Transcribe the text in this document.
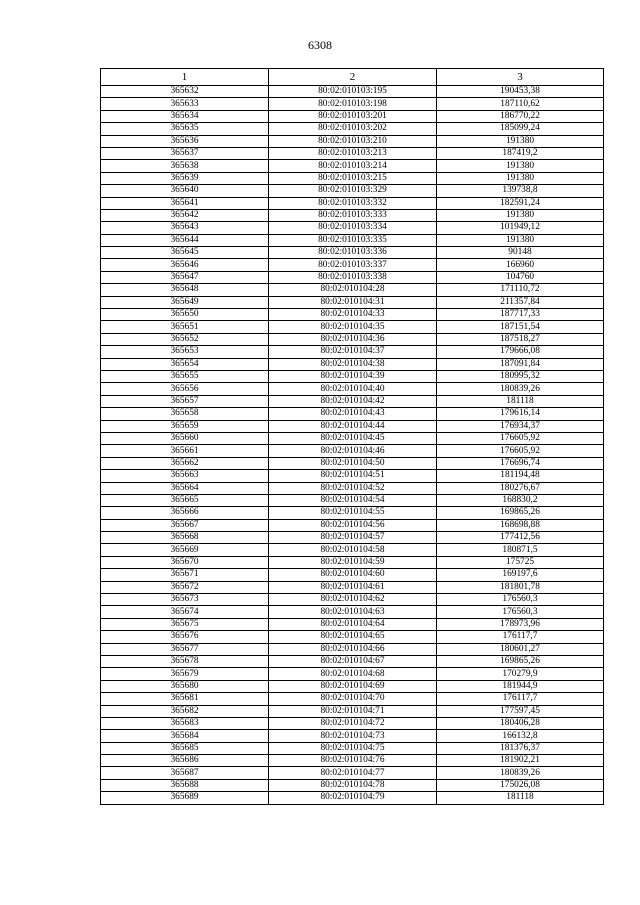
6308
1	2	3
365632	80:02:010103:195	190453,38
365633	80:02:010103:198	187110,62
365634	80:02:010103:201	186770,22
365635	80:02:010103:202	185099,24
365636	80:02:010103:210	191380
365637	80:02:010103:213	187419,2
365638	80:02:010103:214	191380
365639	80:02:010103:215	191380
365640	80:02:010103:329	139738,8
365641	80:02:010103:332	182591,24
365642	80:02:010103:333	191380
365643	80:02:010103:334	101949,12
365644	80:02:010103:335	191380
365645	80:02:010103:336	90148
365646	80:02:010103:337	166960
365647	80:02:010103:338	104760
365648	80:02:010104:28	171110,72
365649	80:02:010104:31	211357,84
365650	80:02:010104:33	187717,33
365651	80:02:010104:35	187151,54
365652	80:02:010104:36	187518,27
365653	80:02:010104:37	179666,08
365654	80:02:010104:38	187091,84
365655	80:02:010104:39	180995,32
365656	80:02:010104:40	180839,26
365657	80:02:010104:42	181118
365658	80:02:010104:43	179616,14
365659	80:02:010104:44	176934,37
365660	80:02:010104:45	176605,92
365661	80:02:010104:46	176605,92
365662	80:02:010104:50	176696,74
365663	80:02:010104:51	181194,48
365664	80:02:010104:52	180276,67
365665	80:02:010104:54	168830,2
365666	80:02:010104:55	169865,26
365667	80:02:010104:56	168698,88
365668	80:02:010104:57	177412,56
365669	80:02:010104:58	180871,5
365670	80:02:010104:59	175725
365671	80:02:010104:60	169197,6
365672	80:02:010104:61	181801,78
365673	80:02:010104:62	176560,3
365674	80:02:010104:63	176560,3
365675	80:02:010104:64	178973,96
365676	80:02:010104:65	176117,7
365677	80:02:010104:66	180601,27
365678	80:02:010104:67	169865,26
365679	80:02:010104:68	170279,9
365680	80:02:010104:69	181944,9
365681	80:02:010104:70	176117,7
365682	80:02:010104:71	177597,45
365683	80:02:010104:72	180406,28
365684	80:02:010104:73	166132,8
365685	80:02:010104:75	181376,37
365686	80:02:010104:76	181902,21
365687	80:02:010104:77	180839,26
365688	80:02:010104:78	175026,08
365689	80:02:010104:79	181118
